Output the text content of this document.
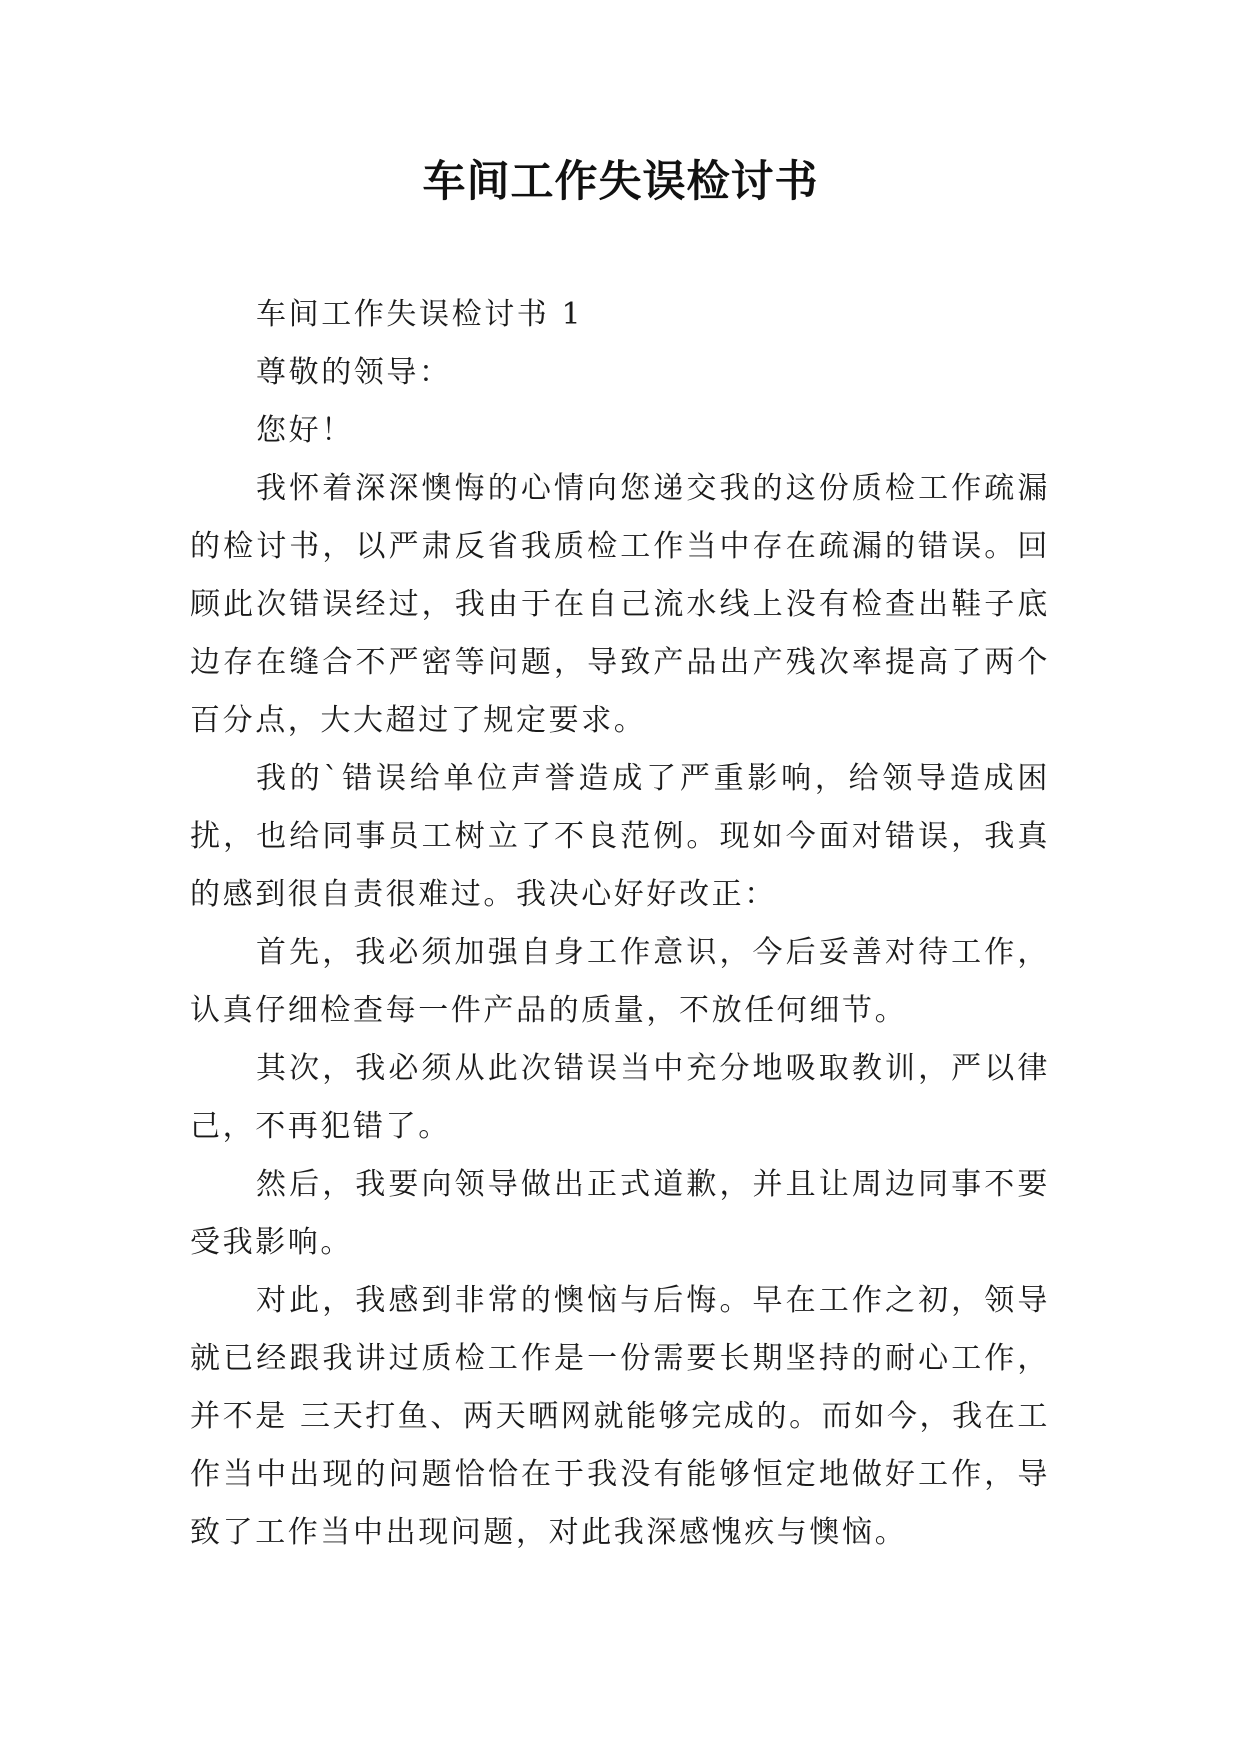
车间工作失误检讨书

车间工作失误检讨书 1

尊敬的领导：

您好！

我怀着深深懊悔的心情向您递交我的这份质检工作疏漏的检讨书，以严肃反省我质检工作当中存在疏漏的错误。回顾此次错误经过，我由于在自己流水线上没有检查出鞋子底边存在缝合不严密等问题，导致产品出产残次率提高了两个百分点，大大超过了规定要求。

我的`错误给单位声誉造成了严重影响，给领导造成困扰，也给同事员工树立了不良范例。现如今面对错误，我真的感到很自责很难过。我决心好好改正：

首先，我必须加强自身工作意识，今后妥善对待工作，认真仔细检查每一件产品的质量，不放任何细节。

其次，我必须从此次错误当中充分地吸取教训，严以律己，不再犯错了。

然后，我要向领导做出正式道歉，并且让周边同事不要受我影响。

对此，我感到非常的懊恼与后悔。早在工作之初，领导就已经跟我讲过质检工作是一份需要长期坚持的耐心工作，并不是 三天打鱼、两天晒网就能够完成的。而如今，我在工作当中出现的问题恰恰在于我没有能够恒定地做好工作，导致了工作当中出现问题，对此我深感愧疚与懊恼。
